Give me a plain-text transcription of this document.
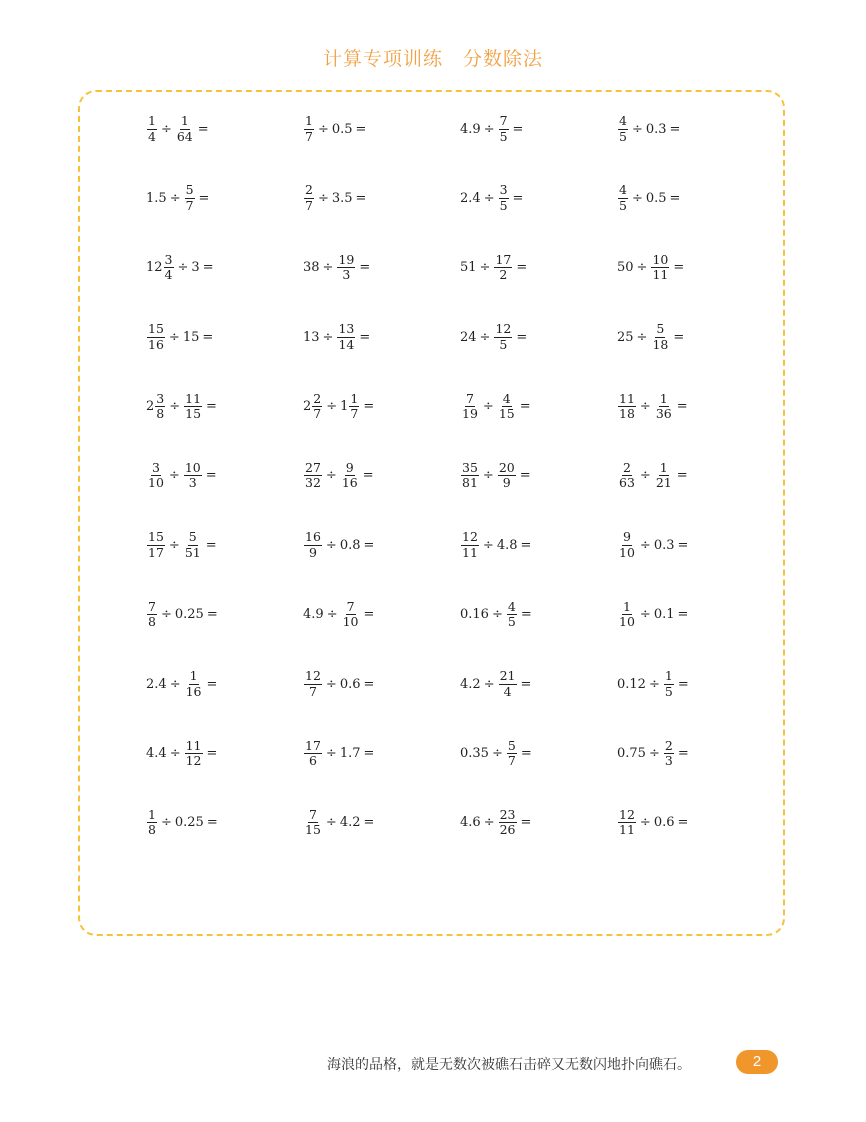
计算专项训练　分数除法
$\frac{1}{4} \div \frac{1}{64}$ =	$\frac{1}{7} \div 0.5$ =	$4.9 \div \frac{7}{5}$ =	$\frac{4}{5} \div 0.3$ =
$1.5 \div \frac{5}{7}$ =	$\frac{2}{7} \div 3.5$ =	$2.4 \div \frac{3}{5}$ =	$\frac{4}{5} \div 0.5$ =
$12 \frac{3}{4} \div 3$ =	$38 \div \frac{19}{3}$ =	$51 \div \frac{17}{2}$ =	$50 \div \frac{10}{11}$ =
$\frac{15}{16} \div 15$ =	$13 \div \frac{13}{14}$ =	$24 \div \frac{12}{5}$ =	$25 \div \frac{5}{18}$ =
$2 \frac{3}{8} \div \frac{11}{15}$ =	$2 \frac{2}{7} \div 1 \frac{1}{7}$ =	$\frac{7}{19} \div \frac{4}{15}$ =	$\frac{11}{18} \div \frac{1}{36}$ =
$\frac{3}{10} \div \frac{10}{3}$ =	$\frac{27}{32} \div \frac{9}{16}$ =	$\frac{35}{81} \div \frac{20}{9}$ =	$\frac{2}{63} \div \frac{1}{21}$ =
$\frac{15}{17} \div \frac{5}{51}$ =	$\frac{16}{9} \div 0.8$ =	$\frac{12}{11} \div 4.8$ =	$\frac{9}{10} \div 0.3$ =
$\frac{7}{8} \div 0.25$ =	$4.9 \div \frac{7}{10}$ =	$0.16 \div \frac{4}{5}$ =	$\frac{1}{10} \div 0.1$ =
$2.4 \div \frac{1}{16}$ =	$\frac{12}{7} \div 0.6$ =	$4.2 \div \frac{21}{4}$ =	$0.12 \div \frac{1}{5}$ =
$4.4 \div \frac{11}{12}$ =	$\frac{17}{6} \div 1.7$ =	$0.35 \div \frac{5}{7}$ =	$0.75 \div \frac{2}{3}$ =
$\frac{1}{8} \div 0.25$ =	$\frac{7}{15} \div 4.2$ =	$4.6 \div \frac{23}{26}$ =	$\frac{12}{11} \div 0.6$ =
海浪的品格，就是无数次被礁石击碎又无数闪地扑向礁石。	2
